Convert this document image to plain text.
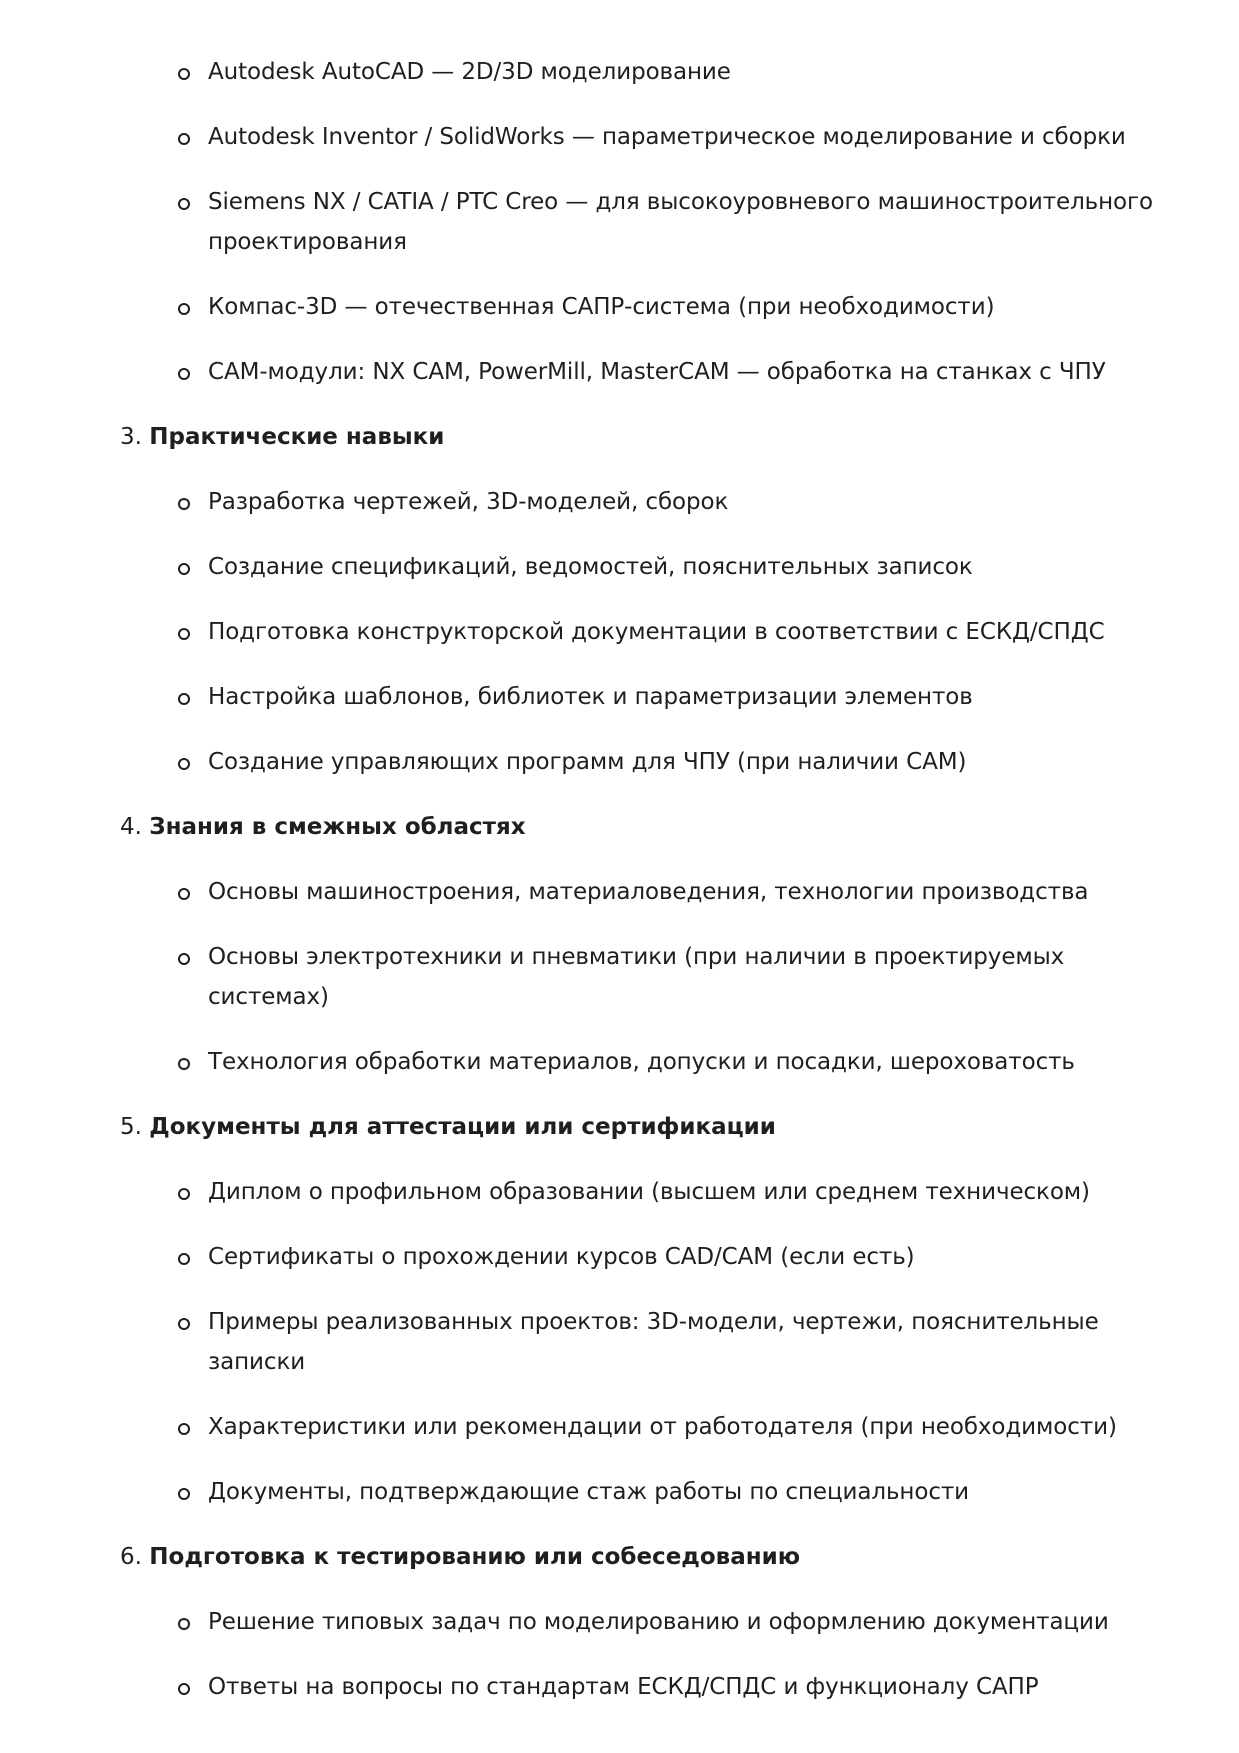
Autodesk AutoCAD — 2D/3D моделирование
Autodesk Inventor / SolidWorks — параметрическое моделирование и сборки
Siemens NX / CATIA / PTC Creo — для высокоуровневого машиностроительного проектирования
Компас-3D — отечественная САПР-система (при необходимости)
CAM-модули: NX CAM, PowerMill, MasterCAM — обработка на станках с ЧПУ
3. Практические навыки
Разработка чертежей, 3D-моделей, сборок
Создание спецификаций, ведомостей, пояснительных записок
Подготовка конструкторской документации в соответствии с ЕСКД/СПДС
Настройка шаблонов, библиотек и параметризации элементов
Создание управляющих программ для ЧПУ (при наличии CAM)
4. Знания в смежных областях
Основы машиностроения, материаловедения, технологии производства
Основы электротехники и пневматики (при наличии в проектируемых системах)
Технология обработки материалов, допуски и посадки, шероховатость
5. Документы для аттестации или сертификации
Диплом о профильном образовании (высшем или среднем техническом)
Сертификаты о прохождении курсов CAD/CAM (если есть)
Примеры реализованных проектов: 3D-модели, чертежи, пояснительные записки
Характеристики или рекомендации от работодателя (при необходимости)
Документы, подтверждающие стаж работы по специальности
6. Подготовка к тестированию или собеседованию
Решение типовых задач по моделированию и оформлению документации
Ответы на вопросы по стандартам ЕСКД/СПДС и функционалу САПР
